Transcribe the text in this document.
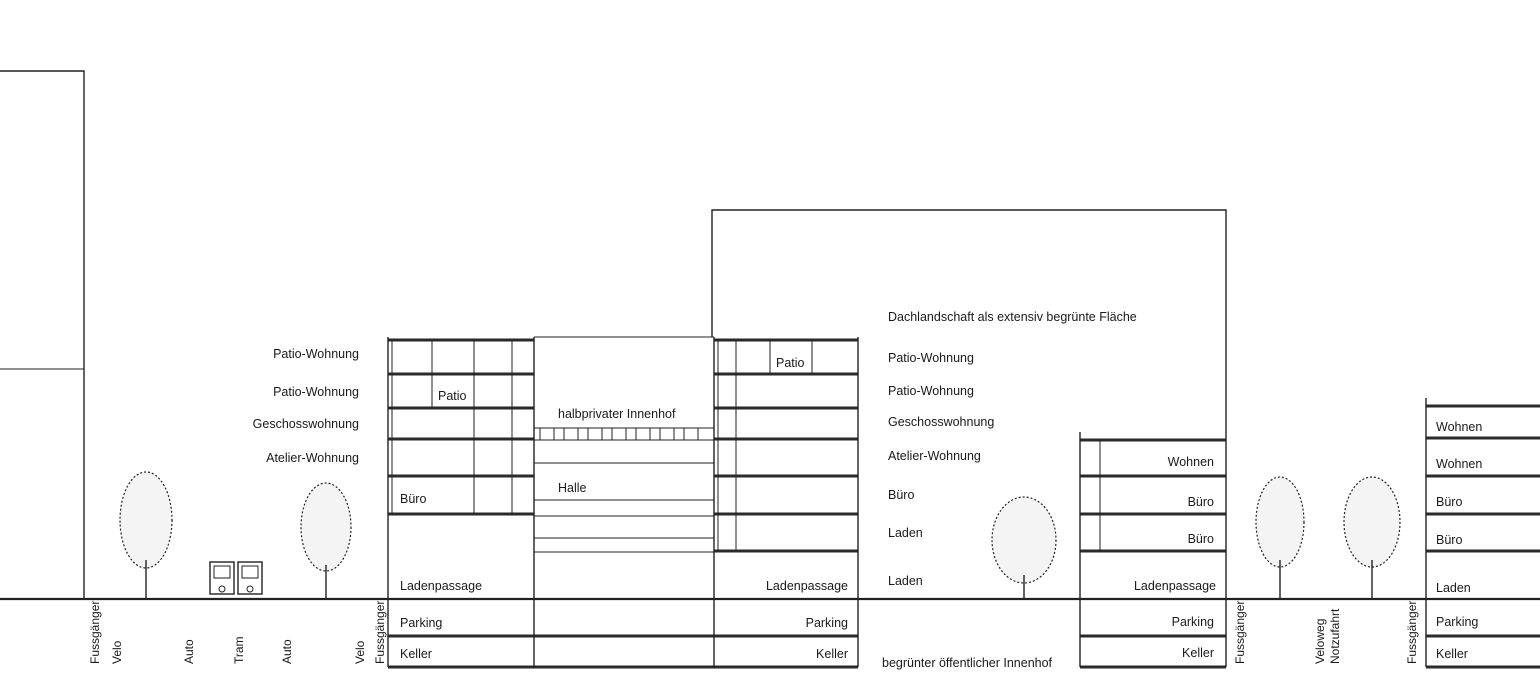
Patio-Wohnung
Patio-Wohnung
Geschosswohnung
Atelier-Wohnung
Büro
Patio
Ladenpassage
Parking
Keller
halbprivater Innenhof
Halle
Patio
Ladenpassage
Parking
Keller
Dachlandschaft als extensiv begrünte Fläche
Patio-Wohnung
Patio-Wohnung
Geschosswohnung
Atelier-Wohnung
Büro
Laden
Laden
begrünter öffentlicher Innenhof
Wohnen
Büro
Büro
Ladenpassage
Parking
Keller
Wohnen
Wohnen
Büro
Büro
Laden
Parking
Keller
Fussgänger Velo	Auto	Tram	Auto	Velo Fussgänger	Fussgänger	Veloweg Notzufahrt	Fussgänger
